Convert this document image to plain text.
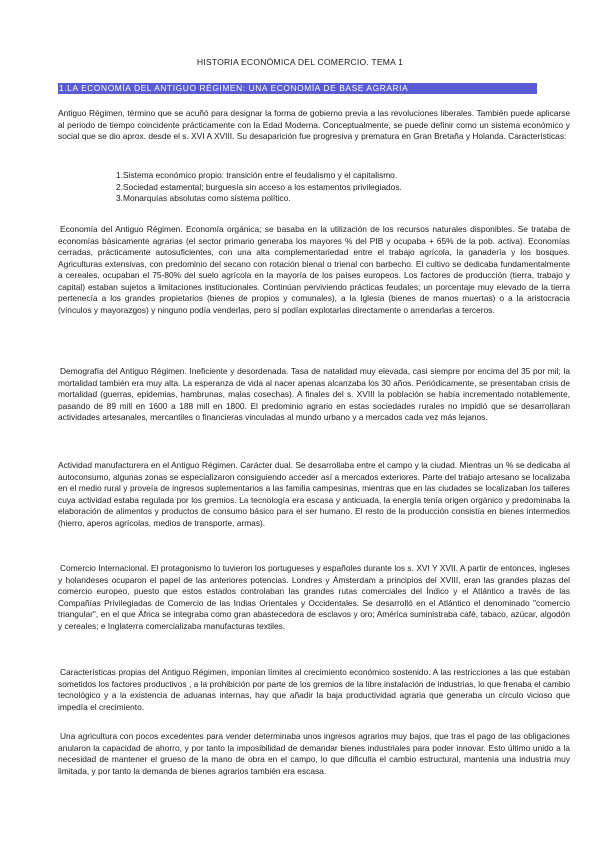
HISTORIA ECONÓMICA DEL COMERCIO. TEMA 1
1.LA ECONOMÍA DEL ANTIGUO RÉGIMEN: UNA ECONOMÍA DE BASE AGRARIA

Antiguo Régimen, término que se acuñó para designar la forma de gobierno previa a las revoluciones liberales. También puede aplicarse al periodo de tiempo coincidente prácticamente con la Edad Moderna. Conceptualmente, se puede definir como un sistema económico y social que se dio aprox. desde el s. XVI A XVIII. Su desaparición fue progresiva y prematura en Gran Bretaña y Holanda. Características:

1.Sistema económico propio: transición entre el feudalismo y el capitalismo.
2.Sociedad estamental; burguesía sin acceso a los estamentos privilegiados.
3.Monarquías absolutas como sistema político.

Economía del Antiguo Régimen. Economía orgánica; se basaba en la utilización de los recursos naturales disponibles. Se trataba de economías básicamente agrarias (el sector primario generaba los mayores % del PIB y ocupaba + 65% de la pob. activa). Economías cerradas, prácticamente autosuficientes, con una alta complementariedad entre el trabajo agrícola, la ganadería y los bosques. Agriculturas extensivas, con predominio del secano con rotación bienal o trienal con barbecho. El cultivo se dedicaba fundamentalmente a cereales, ocupaban el 75-80% del suelo agrícola en la mayoría de los países europeos. Los factores de producción (tierra, trabajo y capital) estaban sujetos a limitaciones institucionales. Continúan perviviendo prácticas feudales; un porcentaje muy elevado de la tierra pertenecía a los grandes propietarios (bienes de propios y comunales), a la Iglesia (bienes de manos muertas) o a la aristocracia (vínculos y mayorazgos) y ninguno podía venderlas, pero sí podían explotarlas directamente o arrendarlas a terceros.

Demografía del Antiguo Régimen. Ineficiente y desordenada. Tasa de natalidad muy elevada, casi siempre por encima del 35 por mil; la mortalidad también era muy alta. La esperanza de vida al nacer apenas alcanzaba los 30 años. Periódicamente, se presentaban crisis de mortalidad (guerras, epidemias, hambrunas, malas cosechas). A finales del s. XVIII la población se había incrementado notablemente, pasando de 89 mill en 1600 a 188 mill en 1800. El predominio agrario en estas sociedades rurales no impidió que se desarrollaran actividades artesanales, mercantiles o financieras vinculadas al mundo urbano y a mercados cada vez más lejanos.

Actividad manufacturera en el Antiguo Régimen. Carácter dual. Se desarrollaba entre el campo y la ciudad. Mientras un % se dedicaba al autoconsumo, algunas zonas se especializaron consiguiendo acceder así a mercados exteriores. Parte del trabajo artesano se localizaba en el medio rural y proveía de ingresos suplementarios a las familia campesinas, mientras que en las ciudades se localizaban los talleres cuya actividad estaba regulada por los gremios. La tecnología era escasa y anticuada, la energía tenía origen orgánico y predominaba la elaboración de alimentos y productos de consumo básico para el ser humano. El resto de la producción consistía en bienes intermedios (hierro, aperos agrícolas, medios de transporte, armas).

Comercio Internacional. El protagonismo lo tuvieron los portugueses y españoles durante los s. XVI Y XVII. A partir de entonces, ingleses y holandeses ocuparon el papel de las anteriores potencias. Londres y Ámsterdam a principios del XVIII, eran las grandes plazas del comercio europeo, puesto que estos estados controlaban las grandes rutas comerciales del Índico y el Atlántico a través de las Compañías Privilegiadas de Comercio de las Indias Orientales y Occidentales. Se desarrolló en el Atlántico el denominado "comercio triangular", en el que África se integraba como gran abastecedora de esclavos y oro; América suministraba café, tabaco, azúcar, algodón y cereales; e Inglaterra comercializaba manufacturas textiles.

Características propias del Antiguo Régimen, imponían límites al crecimiento económico sostenido. A las restricciones a las que estaban sometidos los factores productivos , a la prohibición por parte de los gremios de la libre instalación de industrias, lo que frenaba el cambio tecnológico y a la existencia de aduanas internas, hay que añadir la baja productividad agraria que generaba un círculo vicioso que impedía el crecimiento.

Una agricultura con pocos excedentes para vender determinaba unos ingresos agrarios muy bajos, que tras el pago de las obligaciones anularon la capacidad de ahorro, y por tanto la imposibilidad de demandar bienes industriales para poder innovar. Esto último unido a la necesidad de mantener el grueso de la mano de obra en el campo, lo que dificulta el cambio estructural, mantenía una industria muy limitada, y por tanto la demanda de bienes agrarios también era escasa.
